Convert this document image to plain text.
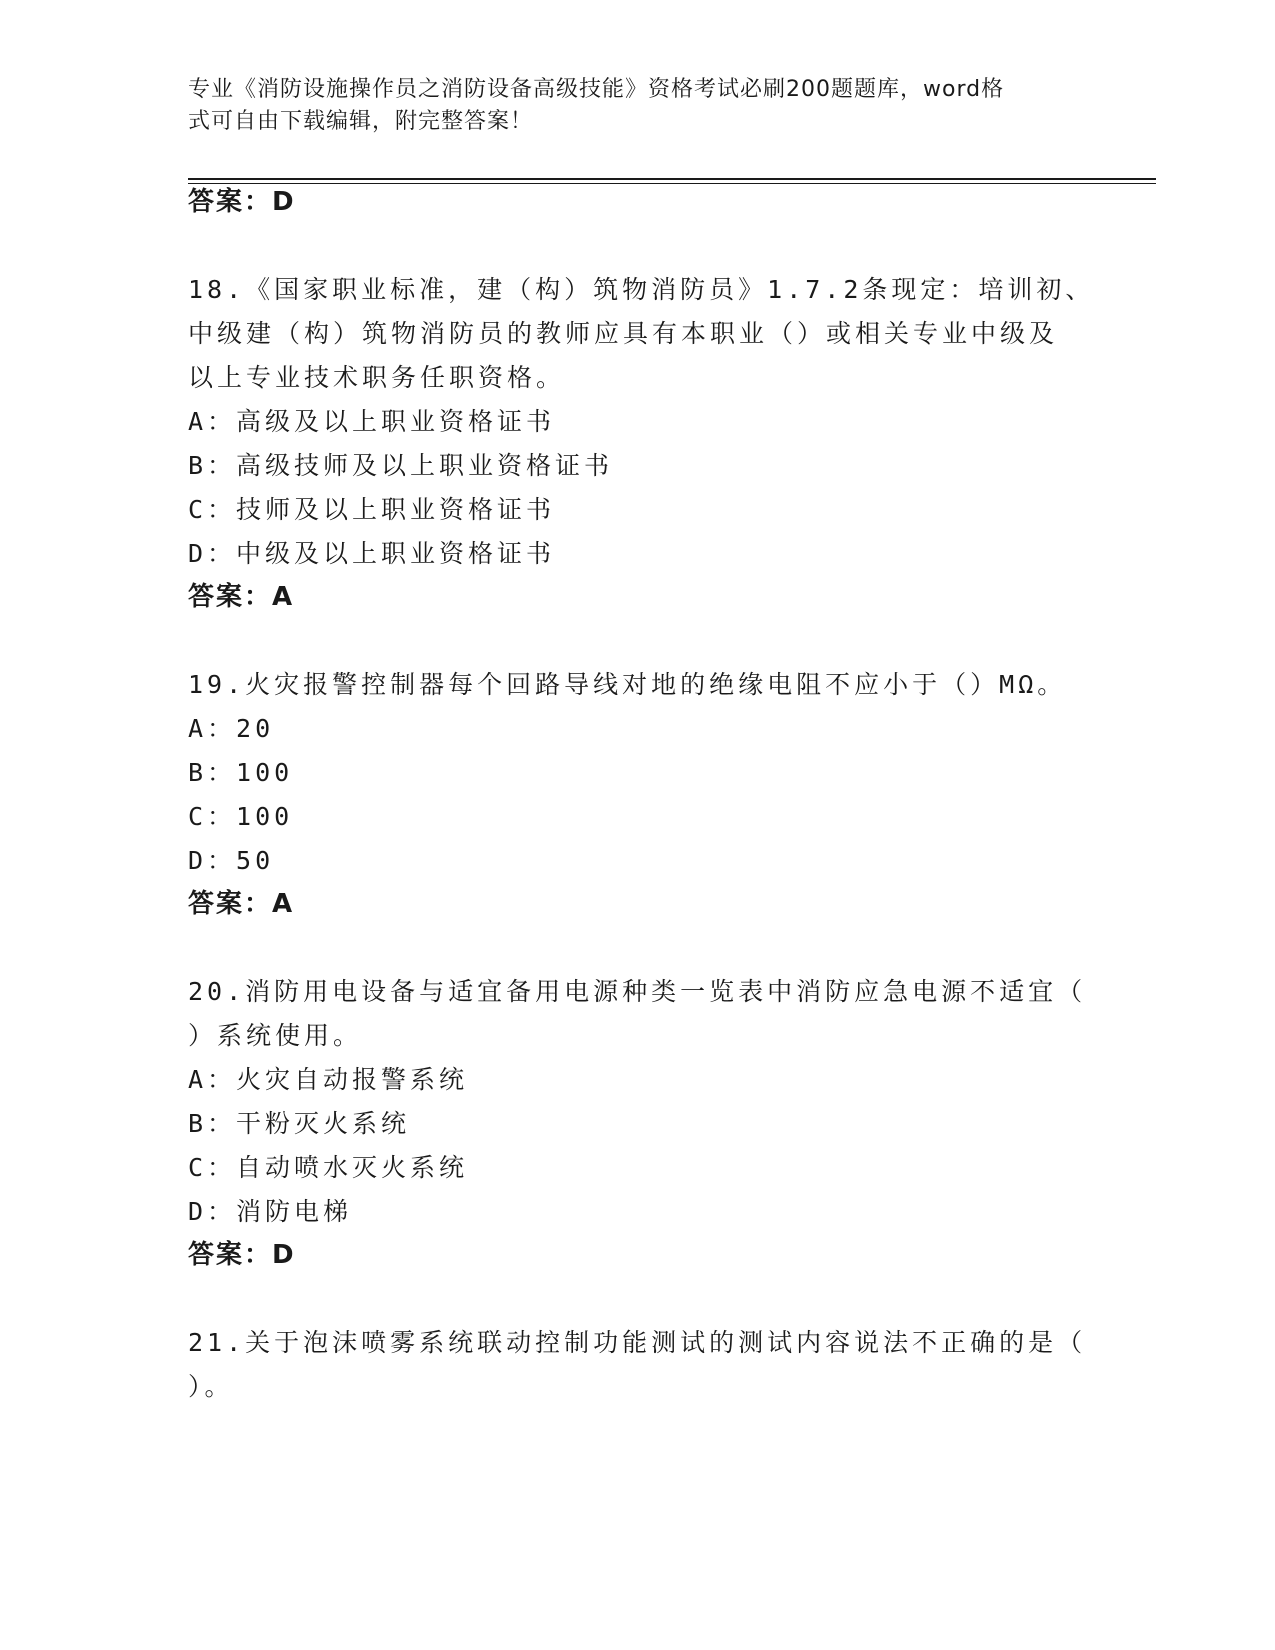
专业《消防设施操作员之消防设备高级技能》资格考试必刷200题题库，word格
式可自由下载编辑，附完整答案！
答案：D
18.《国家职业标准，建（构）筑物消防员》1.7.2条现定：培训初、
中级建（构）筑物消防员的教师应具有本职业（）或相关专业中级及
以上专业技术职务任职资格。
A：高级及以上职业资格证书
B：高级技师及以上职业资格证书
C：技师及以上职业资格证书
D：中级及以上职业资格证书
答案：A
19.火灾报警控制器每个回路导线对地的绝缘电阻不应小于（）MΩ。
A：20
B：100
C：100
D：50
答案：A
20.消防用电设备与适宜备用电源种类一览表中消防应急电源不适宜（
）系统使用。
A：火灾自动报警系统
B：干粉灭火系统
C：自动喷水灭火系统
D：消防电梯
答案：D
21.关于泡沫喷雾系统联动控制功能测试的测试内容说法不正确的是（
）。
